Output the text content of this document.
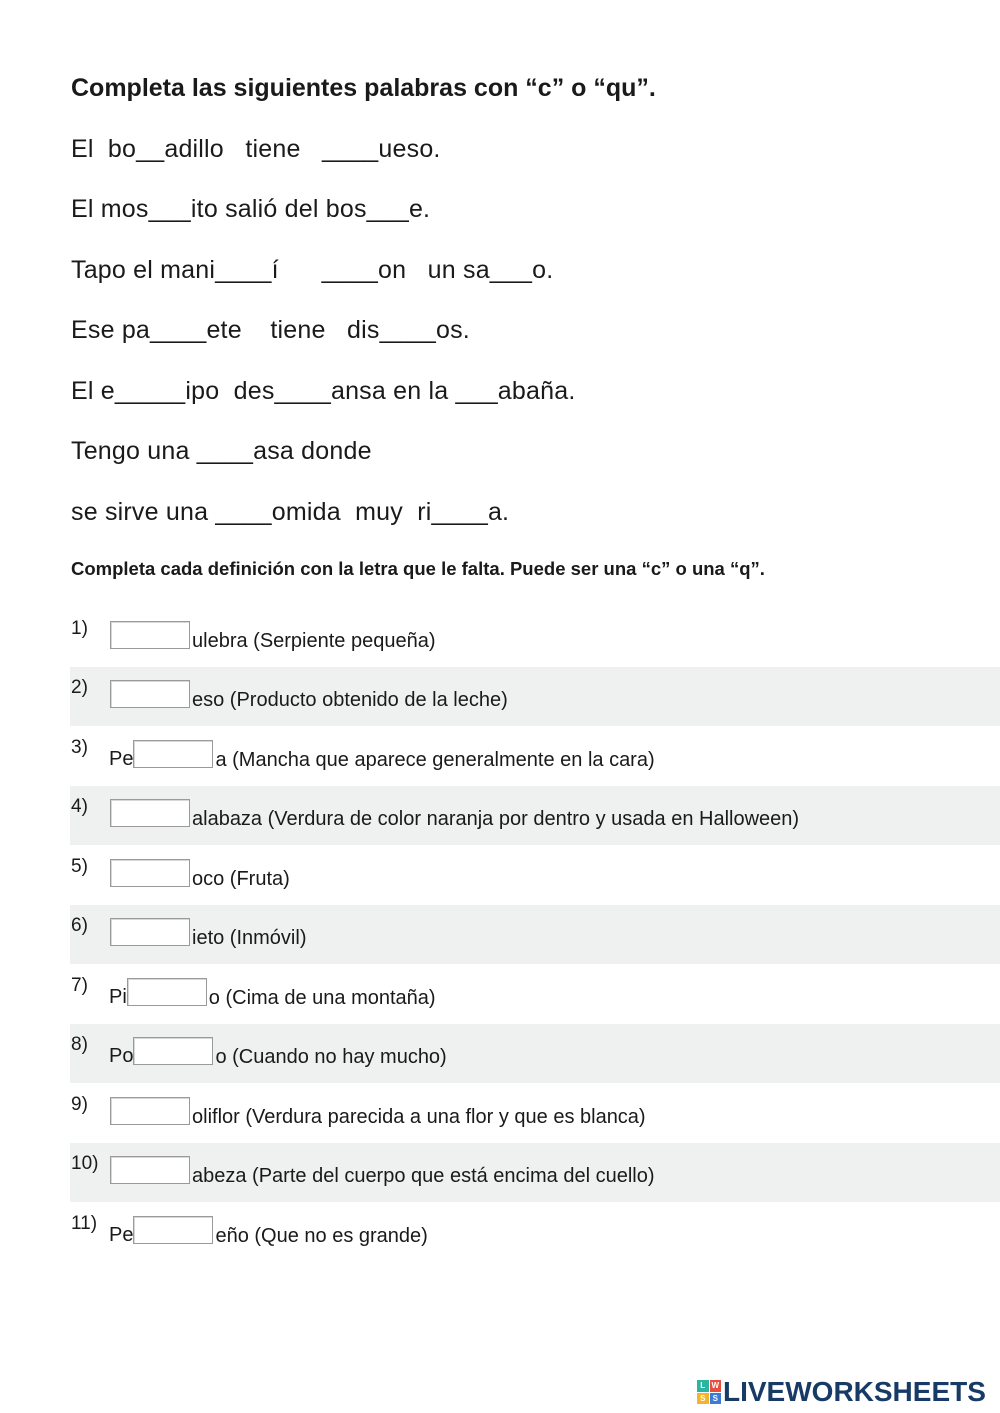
Completa las siguientes palabras con “c” o “qu”.
El  bo__adillo   tiene   ____ueso.
El mos___ito salió del bos___e.
Tapo el mani____í      ____on   un sa___o.
Ese pa____ete    tiene   dis____os.
El e_____ipo  des____ansa en la ___abaña.
Tengo una ____asa donde
se sirve una ____omida  muy  ri____a.
Completa cada definición con la letra que le falta. Puede ser una “c” o una “q”.
1)
ulebra (Serpiente pequeña)
2)
eso (Producto obtenido de la leche)
3)
Pe	a (Mancha que aparece generalmente en la cara)
4)
alabaza (Verdura de color naranja por dentro y usada en Halloween)
5)
oco (Fruta)
6)
ieto (Inmóvil)
7)
Pi	o (Cima de una montaña)
8)
Po	o (Cuando no hay mucho)
9)
oliflor (Verdura parecida a una flor y que es blanca)
10)
abeza (Parte del cuerpo que está encima del cuello)
11)
Pe	eño (Que no es grande)
L W
S S LIVEWORKSHEETS
